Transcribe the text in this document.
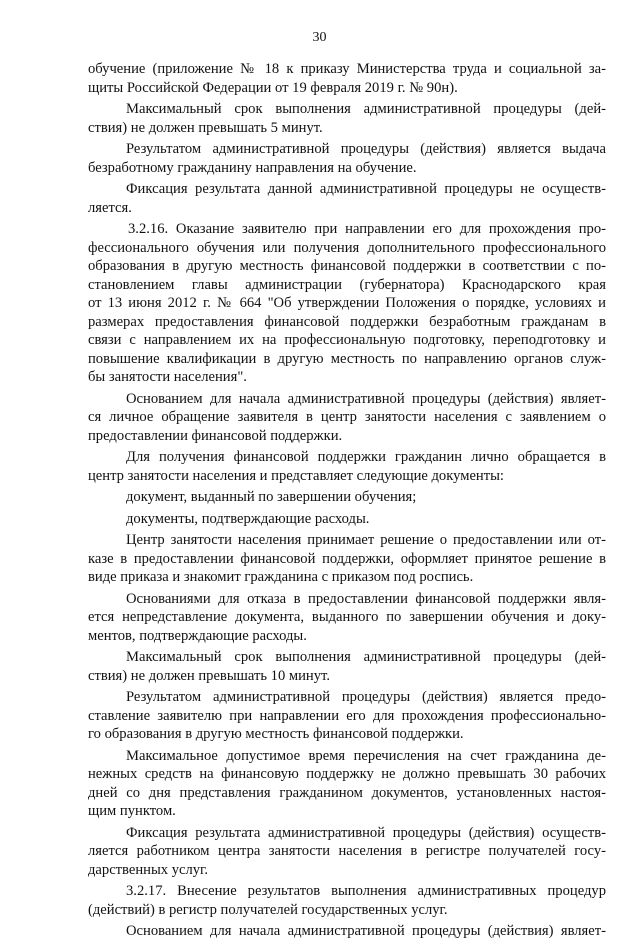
30
обучение (приложение № 18 к приказу Министерства труда и социальной за-
щиты Российской Федерации от 19 февраля 2019 г. № 90н).
Максимальный срок выполнения административной процедуры (дей-
ствия) не должен превышать 5 минут.
Результатом административной процедуры (действия) является выдача
безработному гражданину направления на обучение.
Фиксация результата данной административной процедуры не осуществ-
ляется.
3.2.16. Оказание заявителю при направлении его для прохождения про-
фессионального обучения или получения дополнительного профессионального
образования в другую местность финансовой поддержки в соответствии с по-
становлением главы администрации (губернатора) Краснодарского края
от 13 июня 2012 г. № 664 "Об утверждении Положения о порядке, условиях и
размерах предоставления финансовой поддержки безработным гражданам в
связи с направлением их на профессиональную подготовку, переподготовку и
повышение квалификации в другую местность по направлению органов служ-
бы занятости населения".
Основанием для начала административной процедуры (действия) являет-
ся личное обращение заявителя в центр занятости населения с заявлением о
предоставлении финансовой поддержки.
Для получения финансовой поддержки гражданин лично обращается в
центр занятости населения и представляет следующие документы:
документ, выданный по завершении обучения;
документы, подтверждающие расходы.
Центр занятости населения принимает решение о предоставлении или от-
казе в предоставлении финансовой поддержки, оформляет принятое решение в
виде приказа и знакомит гражданина с приказом под роспись.
Основаниями для отказа в предоставлении финансовой поддержки явля-
ется непредставление документа, выданного по завершении обучения и доку-
ментов, подтверждающие расходы.
Максимальный срок выполнения административной процедуры (дей-
ствия) не должен превышать 10 минут.
Результатом административной процедуры (действия) является предо-
ставление заявителю при направлении его для прохождения профессионально-
го образования в другую местность финансовой поддержки.
Максимальное допустимое время перечисления на счет гражданина де-
нежных средств на финансовую поддержку не должно превышать 30 рабочих
дней со дня представления гражданином документов, установленных настоя-
щим пунктом.
Фиксация результата административной процедуры (действия) осуществ-
ляется работником центра занятости населения в регистре получателей госу-
дарственных услуг.
3.2.17. Внесение результатов выполнения административных процедур
(действий) в регистр получателей государственных услуг.
Основанием для начала административной процедуры (действия) являет-
